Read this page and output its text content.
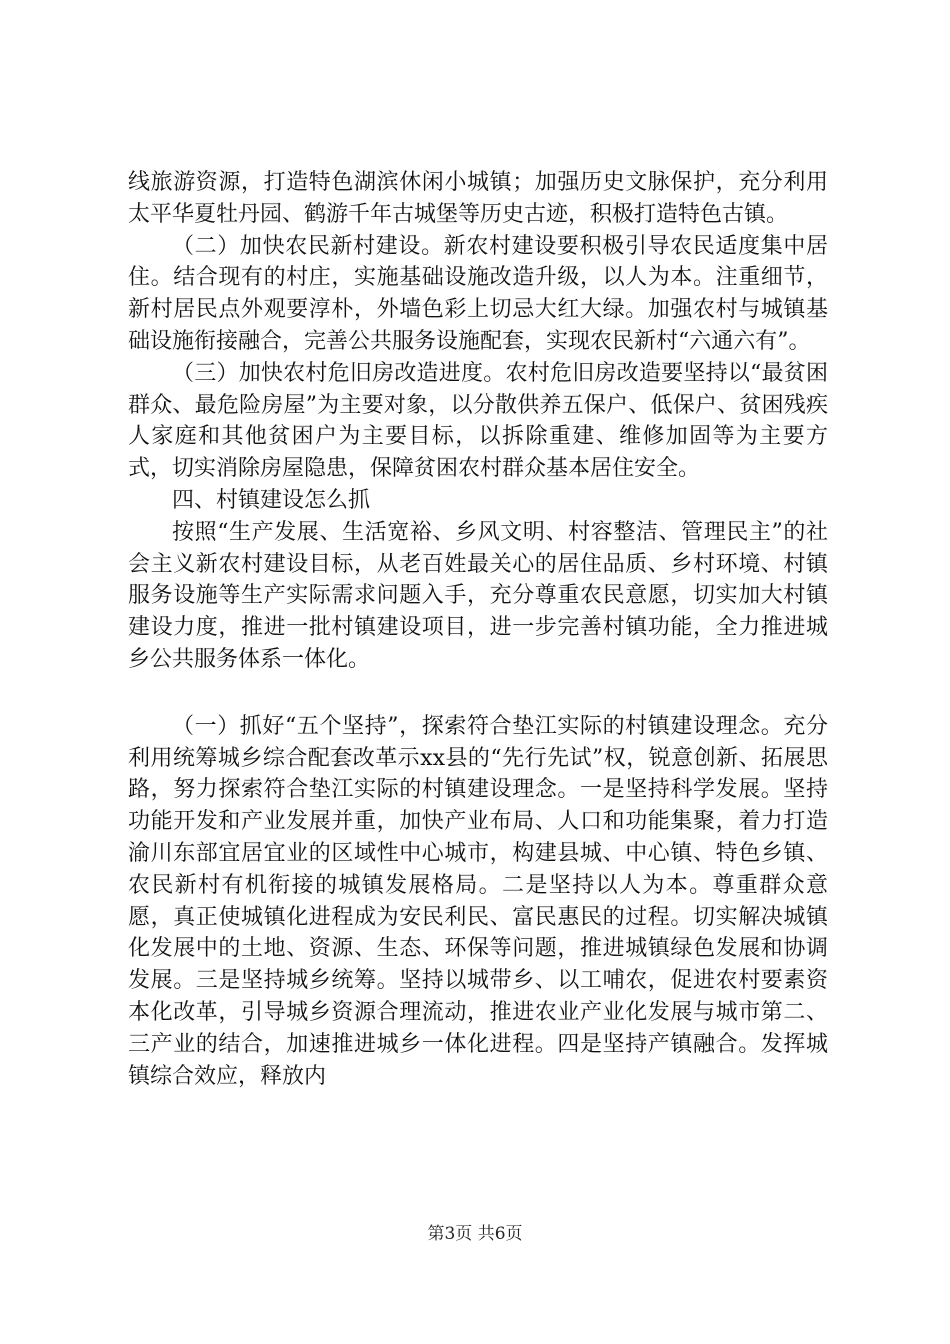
线旅游资源，打造特色湖滨休闲小城镇；加强历史文脉保护，充分利用太平华夏牡丹园、鹤游千年古城堡等历史古迹，积极打造特色古镇。

（二）加快农民新村建设。新农村建设要积极引导农民适度集中居住。结合现有的村庄，实施基础设施改造升级，以人为本。注重细节，新村居民点外观要淳朴，外墙色彩上切忌大红大绿。加强农村与城镇基础设施衔接融合，完善公共服务设施配套，实现农民新村“六通六有”。

（三）加快农村危旧房改造进度。农村危旧房改造要坚持以“最贫困群众、最危险房屋”为主要对象，以分散供养五保户、低保户、贫困残疾人家庭和其他贫困户为主要目标，以拆除重建、维修加固等为主要方式，切实消除房屋隐患，保障贫困农村群众基本居住安全。

四、村镇建设怎么抓

按照“生产发展、生活宽裕、乡风文明、村容整洁、管理民主”的社会主义新农村建设目标，从老百姓最关心的居住品质、乡村环境、村镇服务设施等生产实际需求问题入手，充分尊重农民意愿，切实加大村镇建设力度，推进一批村镇建设项目，进一步完善村镇功能，全力推进城乡公共服务体系一体化。

（一）抓好“五个坚持”，探索符合垫江实际的村镇建设理念。充分利用统筹城乡综合配套改革示xx县的“先行先试”权，锐意创新、拓展思路，努力探索符合垫江实际的村镇建设理念。一是坚持科学发展。坚持功能开发和产业发展并重，加快产业布局、人口和功能集聚，着力打造渝川东部宜居宜业的区域性中心城市，构建县城、中心镇、特色乡镇、农民新村有机衔接的城镇发展格局。二是坚持以人为本。尊重群众意愿，真正使城镇化进程成为安民利民、富民惠民的过程。切实解决城镇化发展中的土地、资源、生态、环保等问题，推进城镇绿色发展和协调发展。三是坚持城乡统筹。坚持以城带乡、以工哺农，促进农村要素资本化改革，引导城乡资源合理流动，推进农业产业化发展与城市第二、三产业的结合，加速推进城乡一体化进程。四是坚持产镇融合。发挥城镇综合效应，释放内

第3页 共6页
